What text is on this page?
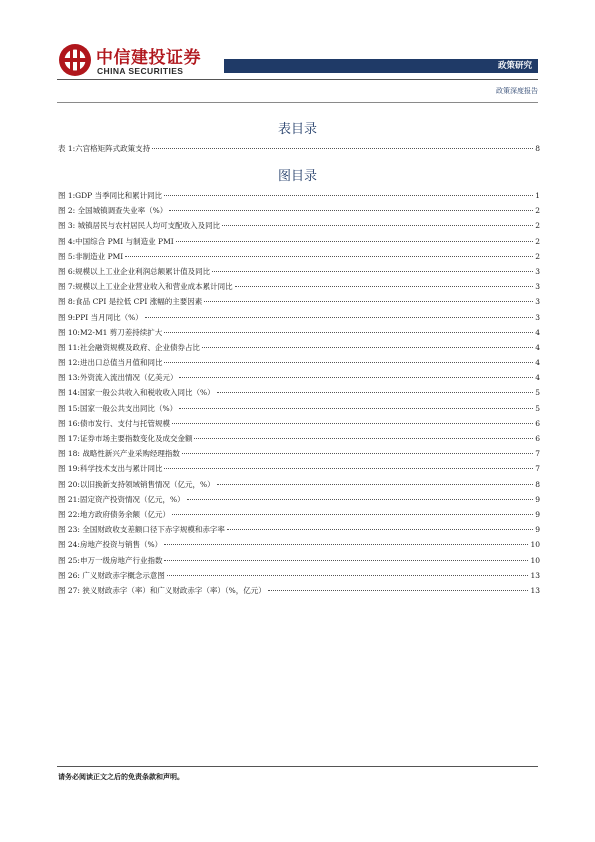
中信建投证券
CHINA SECURITIES	政策研究
政策深度报告
表目录
表 1:六宫格矩阵式政策支持	8
图目录
图 1:GDP 当季同比和累计同比	1
图 2: 全国城镇调查失业率（%）	2
图 3: 城镇居民与农村居民人均可支配收入及同比	2
图 4:中国综合 PMI 与制造业 PMI	2
图 5:非制造业 PMI	2
图 6:规模以上工业企业利润总额累计值及同比	3
图 7:规模以上工业企业营业收入和营业成本累计同比	3
图 8:食品 CPI 是拉低 CPI 涨幅的主要因素	3
图 9:PPI 当月同比（%）	3
图 10:M2-M1 剪刀差持续扩大	4
图 11:社会融资规模及政府、企业债券占比	4
图 12:进出口总值当月值和同比	4
图 13:外资流入流出情况（亿美元）	4
图 14:国家一般公共收入和税收收入同比（%）	5
图 15:国家一般公共支出同比（%）	5
图 16:债市发行、支付与托管规模	6
图 17:证券市场主要指数变化及成交金额	6
图 18: 战略性新兴产业采购经理指数	7
图 19:科学技术支出与累计同比	7
图 20:以旧换新支持领域销售情况（亿元，%）	8
图 21:固定资产投资情况（亿元，%）	9
图 22:地方政府债务余额（亿元）	9
图 23: 全国财政收支差额口径下赤字规模和赤字率	9
图 24:房地产投资与销售（%）	10
图 25:申万一级房地产行业指数	10
图 26: 广义财政赤字概念示意图	13
图 27: 狭义财政赤字（率）和广义财政赤字（率）（%，亿元）	13
请务必阅读正文之后的免责条款和声明。
